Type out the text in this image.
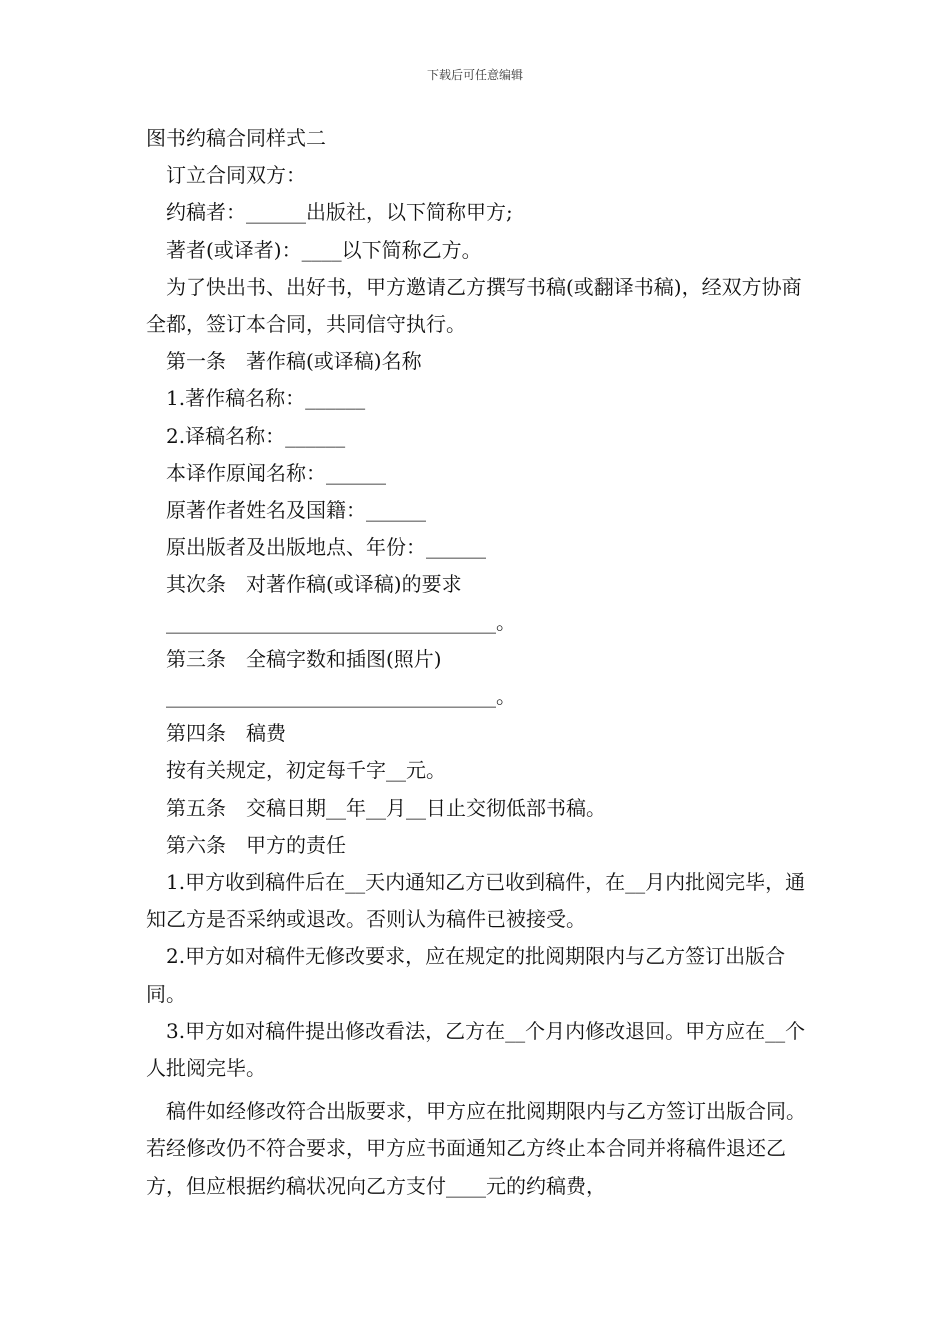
下载后可任意编辑

图书约稿合同样式二

订立合同双方：

约稿者：______出版社，以下简称甲方;

著者(或译者)：____以下简称乙方。

为了快出书、出好书，甲方邀请乙方撰写书稿(或翻译书稿)，经双方协商全都，签订本合同，共同信守执行。

第一条　著作稿(或译稿)名称

1.著作稿名称：______

2.译稿名称：______

本译作原闻名称：______

原著作者姓名及国籍：______

原出版者及出版地点、年份：______

其次条　对著作稿(或译稿)的要求

_________________________________。

第三条　全稿字数和插图(照片)

_________________________________。

第四条　稿费

按有关规定，初定每千字__元。

第五条　交稿日期__年__月__日止交彻低部书稿。

第六条　甲方的责任

1.甲方收到稿件后在__天内通知乙方已收到稿件，在__月内批阅完毕，通知乙方是否采纳或退改。否则认为稿件已被接受。

2.甲方如对稿件无修改要求，应在规定的批阅期限内与乙方签订出版合同。

3.甲方如对稿件提出修改看法，乙方在__个月内修改退回。甲方应在__个人批阅完毕。

稿件如经修改符合出版要求，甲方应在批阅期限内与乙方签订出版合同。若经修改仍不符合要求，甲方应书面通知乙方终止本合同并将稿件退还乙方，但应根据约稿状况向乙方支付____元的约稿费，
